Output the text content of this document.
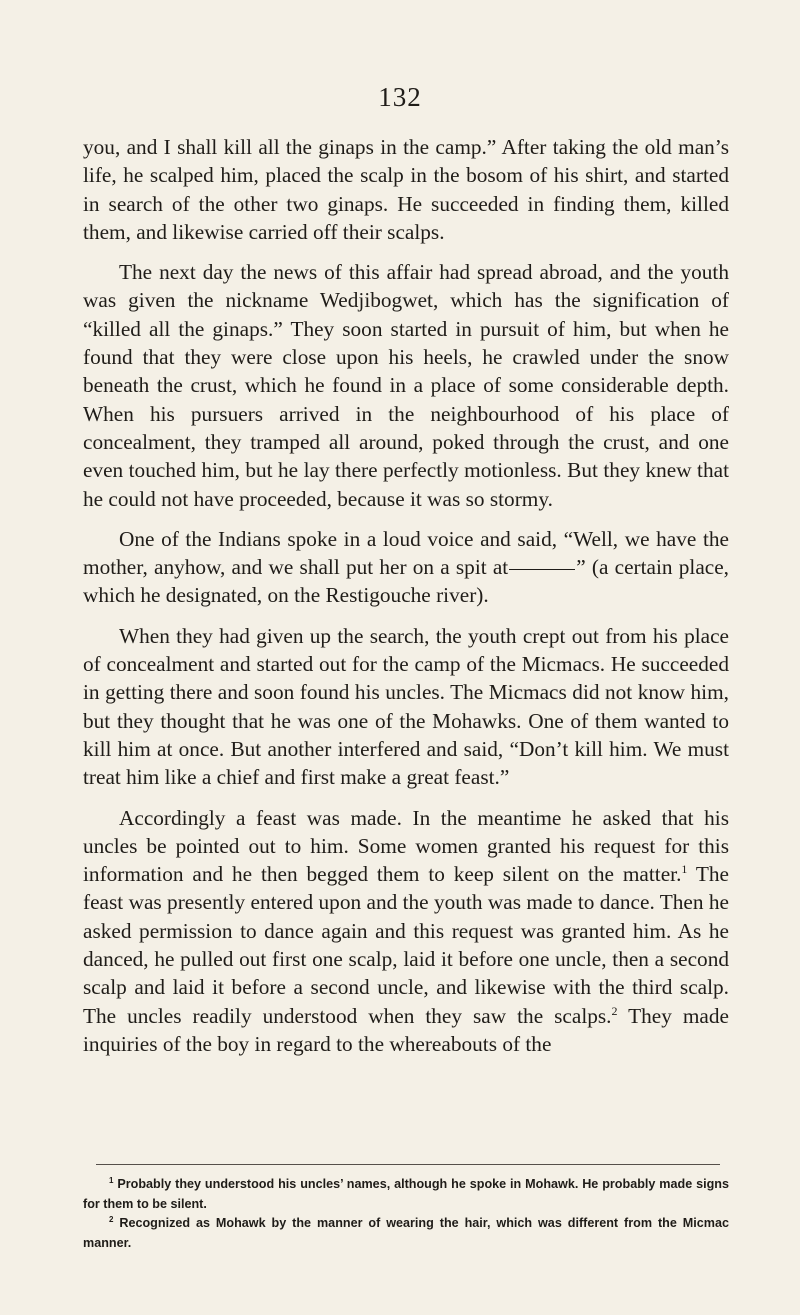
132

you, and I shall kill all the ginaps in the camp.” After taking the old man’s life, he scalped him, placed the scalp in the bosom of his shirt, and started in search of the other two ginaps. He succeeded in finding them, killed them, and likewise carried off their scalps.

The next day the news of this affair had spread abroad, and the youth was given the nickname Wedjibogwet, which has the signification of “killed all the ginaps.” They soon started in pursuit of him, but when he found that they were close upon his heels, he crawled under the snow beneath the crust, which he found in a place of some considerable depth. When his pursuers arrived in the neighbourhood of his place of concealment, they tramped all around, poked through the crust, and one even touched him, but he lay there perfectly motionless. But they knew that he could not have proceeded, because it was so stormy.

One of the Indians spoke in a loud voice and said, “Well, we have the mother, anyhow, and we shall put her on a spit at	” (a certain place, which he designated, on the Restigouche river).

When they had given up the search, the youth crept out from his place of concealment and started out for the camp of the Micmacs. He succeeded in getting there and soon found his uncles. The Micmacs did not know him, but they thought that he was one of the Mohawks. One of them wanted to kill him at once. But another interfered and said, “Don’t kill him. We must treat him like a chief and first make a great feast.”

Accordingly a feast was made. In the meantime he asked that his uncles be pointed out to him. Some women granted his request for this information and he then begged them to keep silent on the matter.$^1$ The feast was presently entered upon and the youth was made to dance. Then he asked permission to dance again and this request was granted him. As he danced, he pulled out first one scalp, laid it before one uncle, then a second scalp and laid it before a second uncle, and likewise with the third scalp. The uncles readily understood when they saw the scalps.$^2$ They made inquiries of the boy in regard to the whereabouts of the

$^1$ Probably they understood his uncles’ names, although he spoke in Mohawk. He probably made signs for them to be silent.

$^2$ Recognized as Mohawk by the manner of wearing the hair, which was different from the Micmac manner.
